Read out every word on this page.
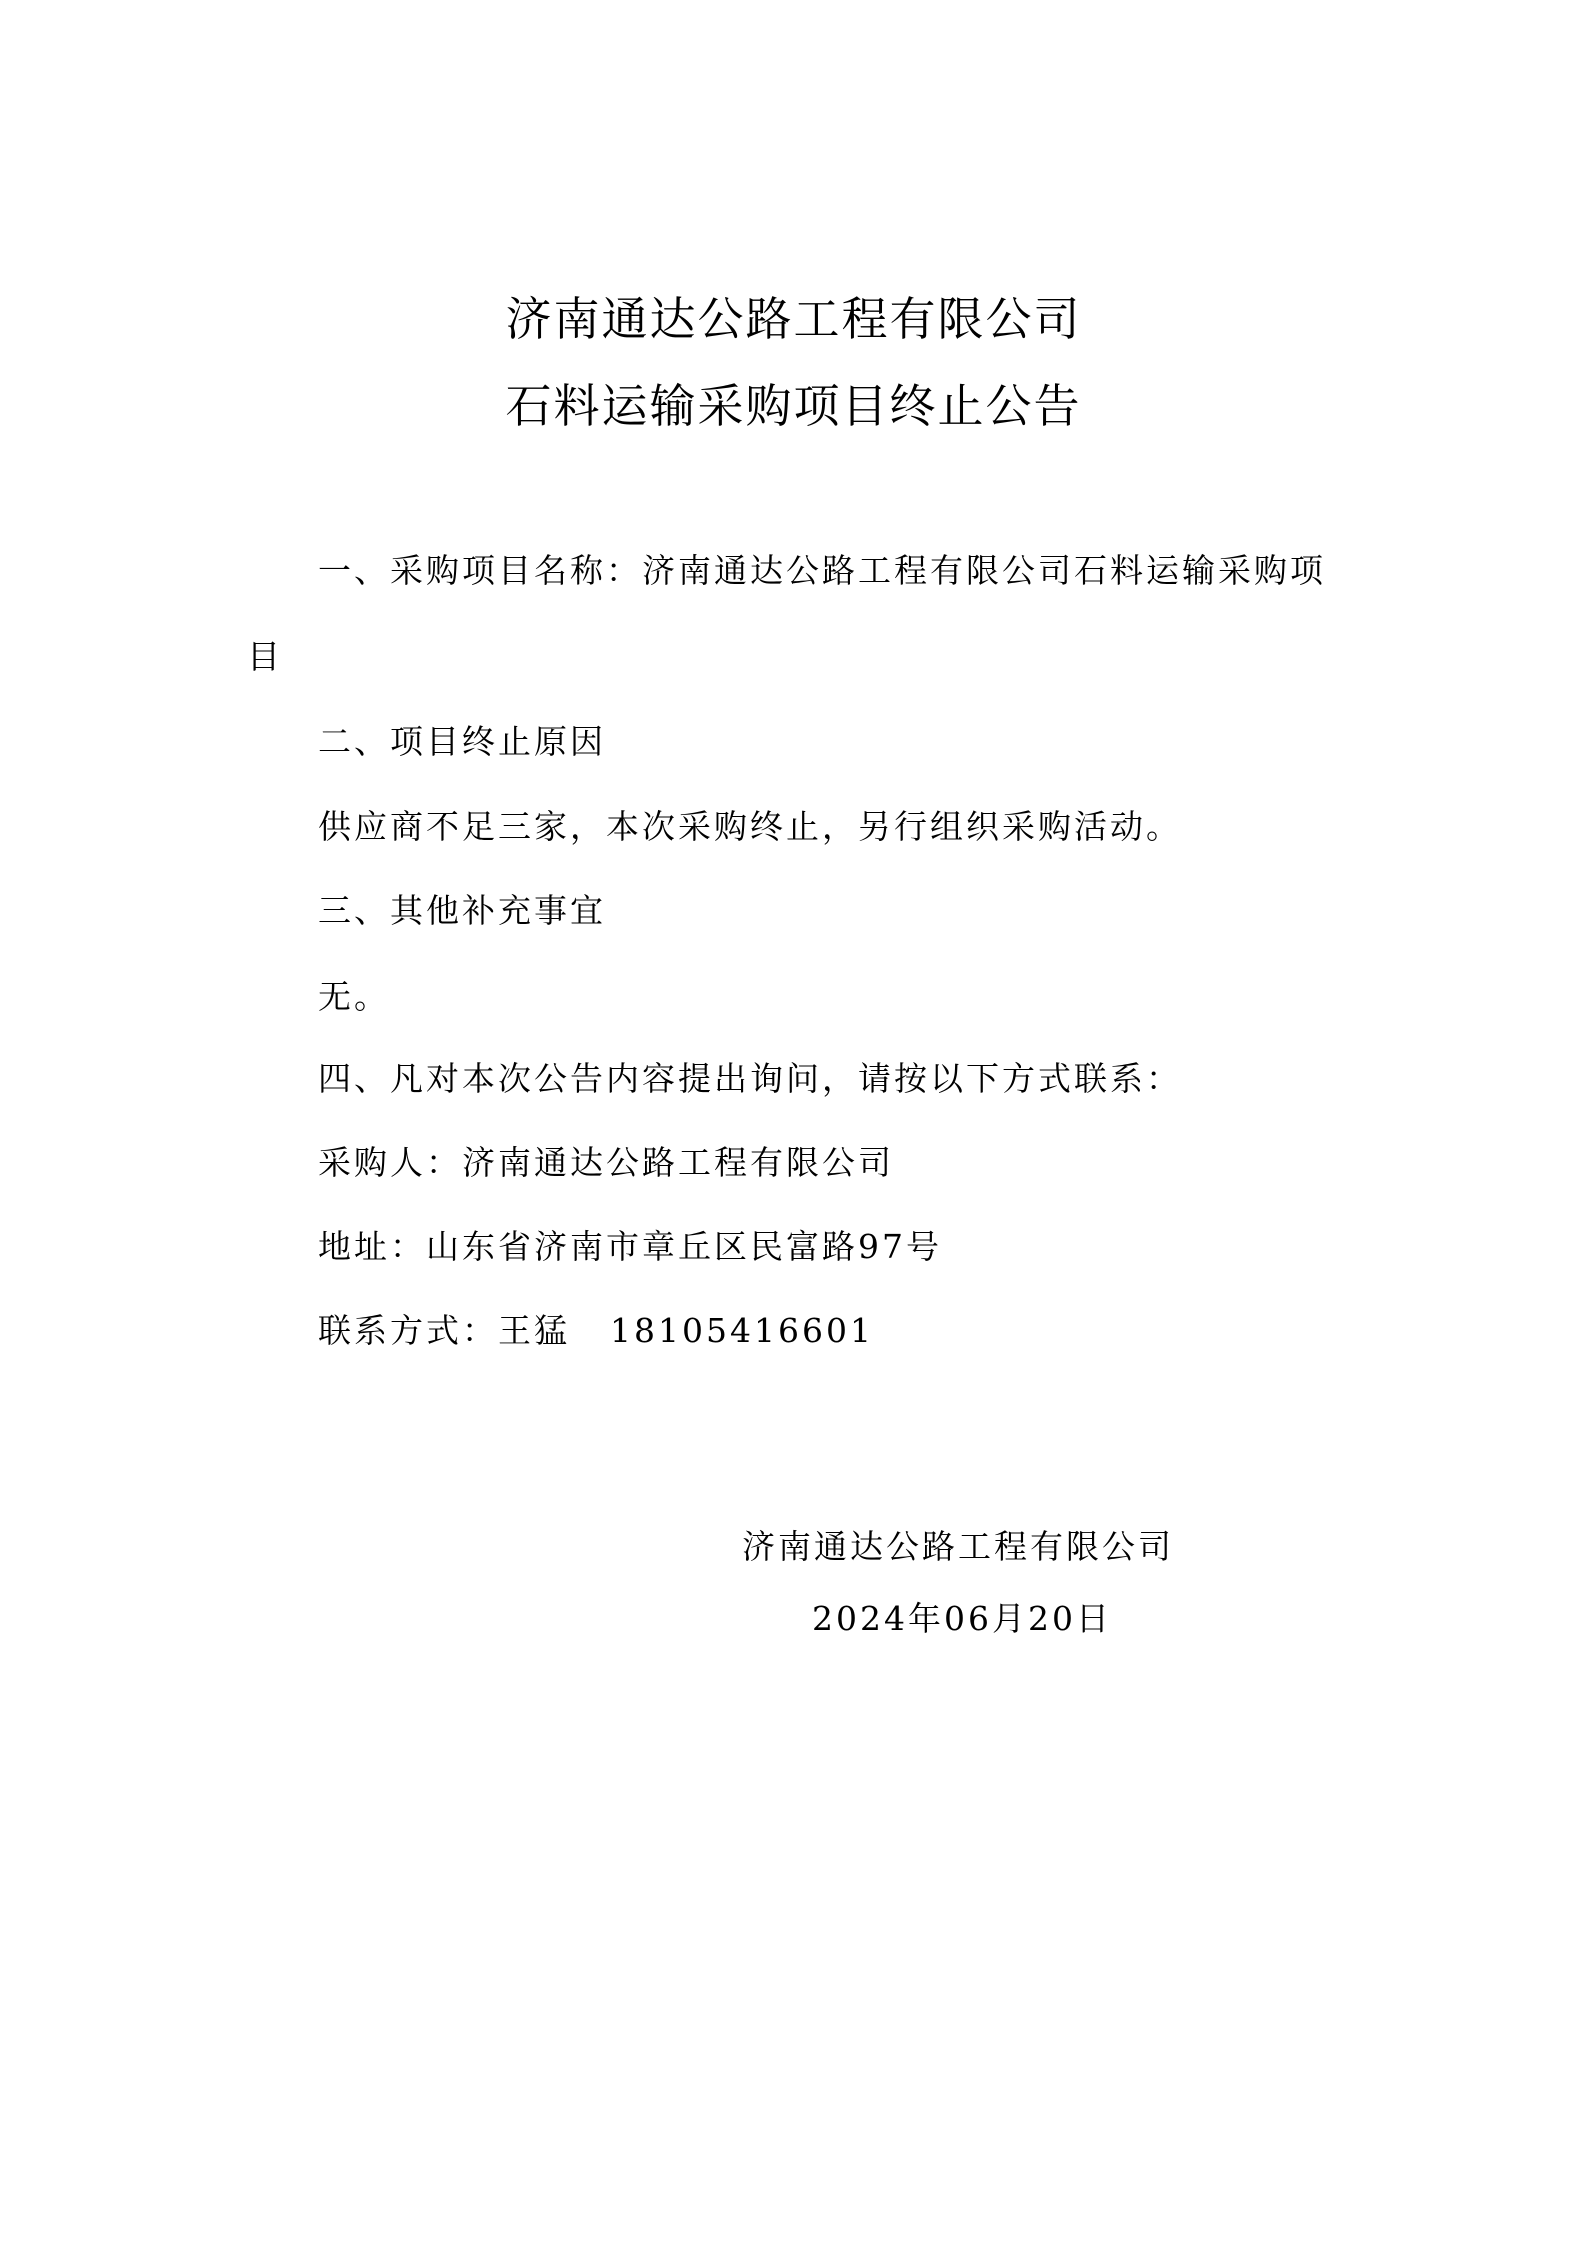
济南通达公路工程有限公司
石料运输采购项目终止公告
一、采购项目名称：济南通达公路工程有限公司石料运输采购项
目
二、项目终止原因
供应商不足三家，本次采购终止，另行组织采购活动。
三、其他补充事宜
无。
四、凡对本次公告内容提出询问，请按以下方式联系：
采购人：济南通达公路工程有限公司
地址：山东省济南市章丘区民富路97号
联系方式：王猛 18105416601
济南通达公路工程有限公司
2024年06月20日
